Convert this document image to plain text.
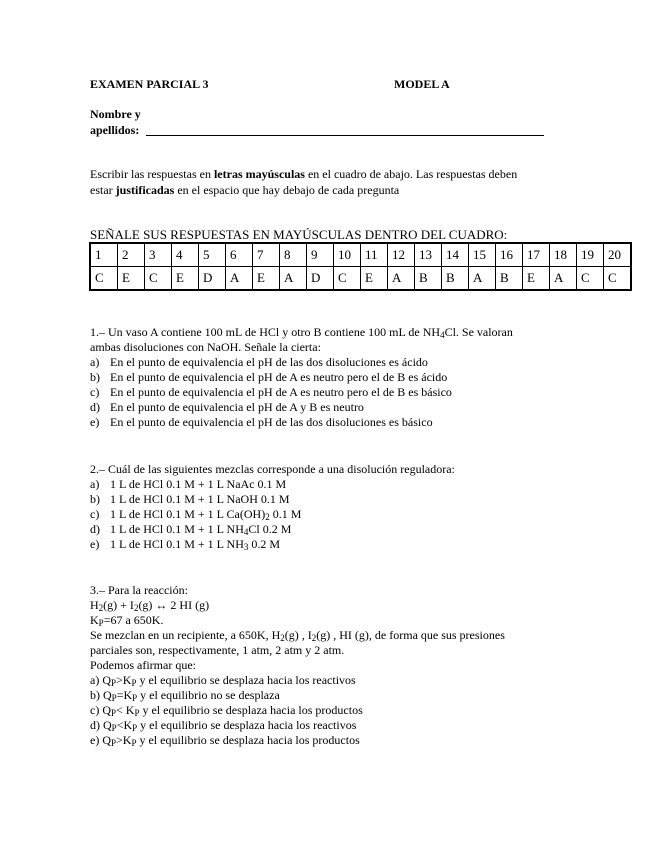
EXAMEN PARCIAL 3	MODEL A
Nombre y
apellidos:
Escribir las respuestas en letras mayúsculas en el cuadro de abajo. Las respuestas deben
estar justificadas en el espacio que hay debajo de cada pregunta
SEÑALE SUS RESPUESTAS EN MAYÚSCULAS DENTRO DEL CUADRO:
1	2	3	4	5	6	7	8	9	10	11	12	13	14	15	16	17	18	19	20
C	E	C	E	D	A	E	A	D	C	E	A	B	B	A	B	E	A	C	C
1.– Un vaso A contiene 100 mL de HCl y otro B contiene 100 mL de $NH_4Cl$. Se valoran
ambas disoluciones con NaOH. Señale la cierta:
a) En el punto de equivalencia el pH de las dos disoluciones es ácido
b) En el punto de equivalencia el pH de A es neutro pero el de B es ácido
c) En el punto de equivalencia el pH de A es neutro pero el de B es básico
d) En el punto de equivalencia el pH de A y B es neutro
e) En el punto de equivalencia el pH de las dos disoluciones es básico
2.– Cuál de las siguientes mezclas corresponde a una disolución reguladora:
a) 1 L de HCl 0.1 M + 1 L NaAc 0.1 M
b) 1 L de HCl 0.1 M + 1 L NaOH 0.1 M
c) 1 L de HCl 0.1 M + 1 L $Ca(OH)_2$ 0.1 M
d) 1 L de HCl 0.1 M + 1 L $NH_4Cl$ 0.2 M
e) 1 L de HCl 0.1 M + 1 L $NH_3$ 0.2 M
3.– Para la reacción:
$H_2(g) + I_2(g)$ ↔ 2 HI (g)
$K_P=67$ a 650K.
Se mezclan en un recipiente, a 650K, $H_2(g)$ , $I_2(g)$ , HI (g), de forma que sus presiones
parciales son, respectivamente, 1 atm, 2 atm y 2 atm.
Podemos afirmar que:
a) $Q_P>K_P$ y el equilibrio se desplaza hacia los reactivos
b) $Q_P=K_P$ y el equilibrio no se desplaza
c) $Q_P< K_P$ y el equilibrio se desplaza hacia los productos
d) $Q_P<K_P$ y el equilibrio se desplaza hacia los reactivos
e) $Q_P>K_P$ y el equilibrio se desplaza hacia los productos
